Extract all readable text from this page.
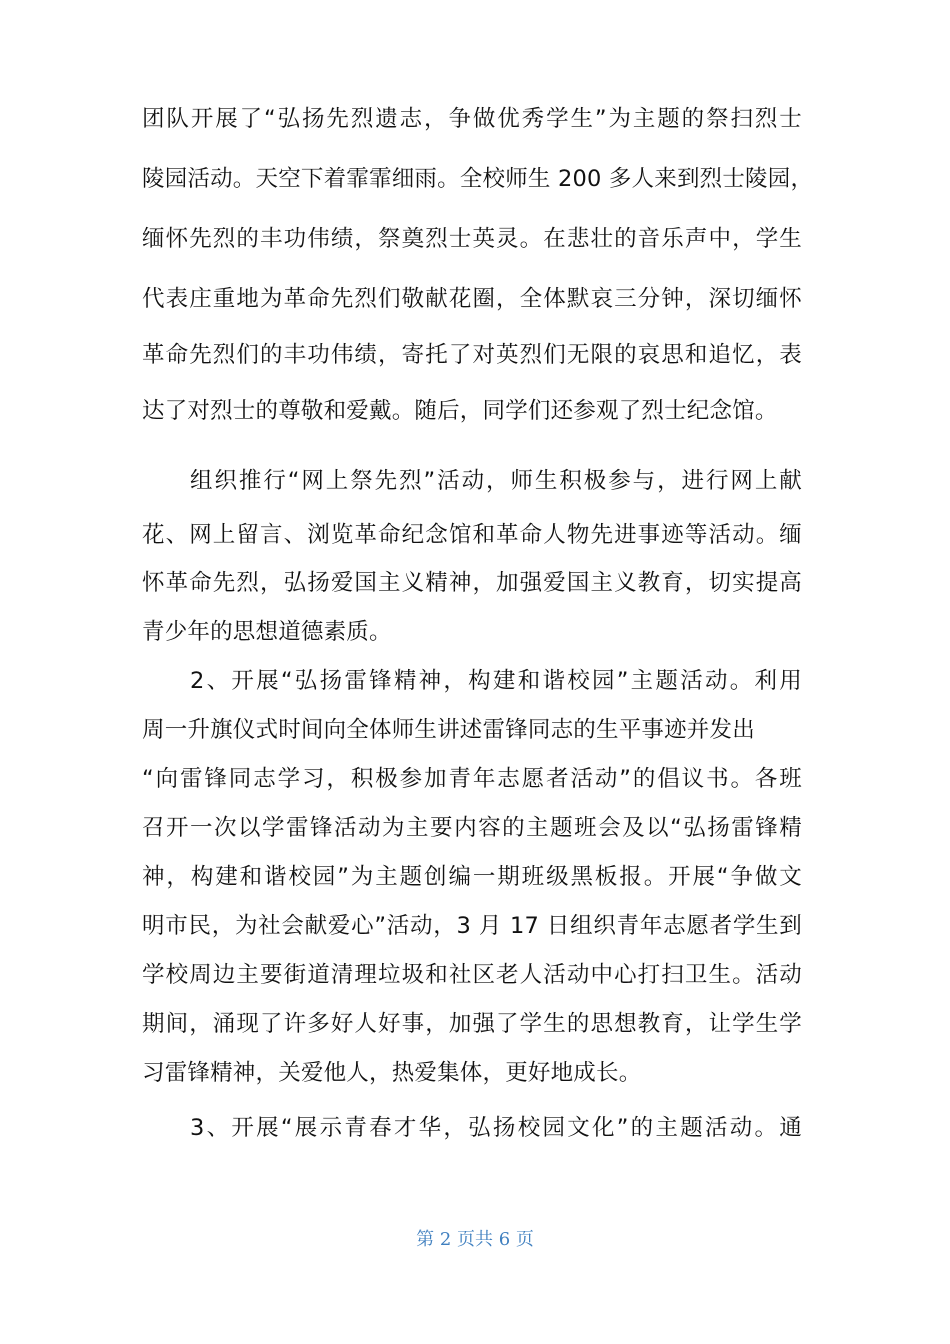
团队开展了“弘扬先烈遗志，争做优秀学生”为主题的祭扫烈士
陵园活动。天空下着霏霏细雨。全校师生 200 多人来到烈士陵园，
缅怀先烈的丰功伟绩，祭奠烈士英灵。在悲壮的音乐声中，学生
代表庄重地为革命先烈们敬献花圈，全体默哀三分钟，深切缅怀
革命先烈们的丰功伟绩，寄托了对英烈们无限的哀思和追忆，表
达了对烈士的尊敬和爱戴。随后，同学们还参观了烈士纪念馆。
组织推行“网上祭先烈”活动，师生积极参与，进行网上献
花、网上留言、浏览革命纪念馆和革命人物先进事迹等活动。缅
怀革命先烈，弘扬爱国主义精神，加强爱国主义教育，切实提高
青少年的思想道德素质。
2、开展“弘扬雷锋精神，构建和谐校园”主题活动。利用
周一升旗仪式时间向全体师生讲述雷锋同志的生平事迹并发出
“向雷锋同志学习，积极参加青年志愿者活动”的倡议书。各班
召开一次以学雷锋活动为主要内容的主题班会及以“弘扬雷锋精
神，构建和谐校园”为主题创编一期班级黑板报。开展“争做文
明市民，为社会献爱心”活动，3 月 17 日组织青年志愿者学生到
学校周边主要街道清理垃圾和社区老人活动中心打扫卫生。活动
期间，涌现了许多好人好事，加强了学生的思想教育，让学生学
习雷锋精神，关爱他人，热爱集体，更好地成长。
3、开展“展示青春才华，弘扬校园文化”的主题活动。通
第 2 页共 6 页
